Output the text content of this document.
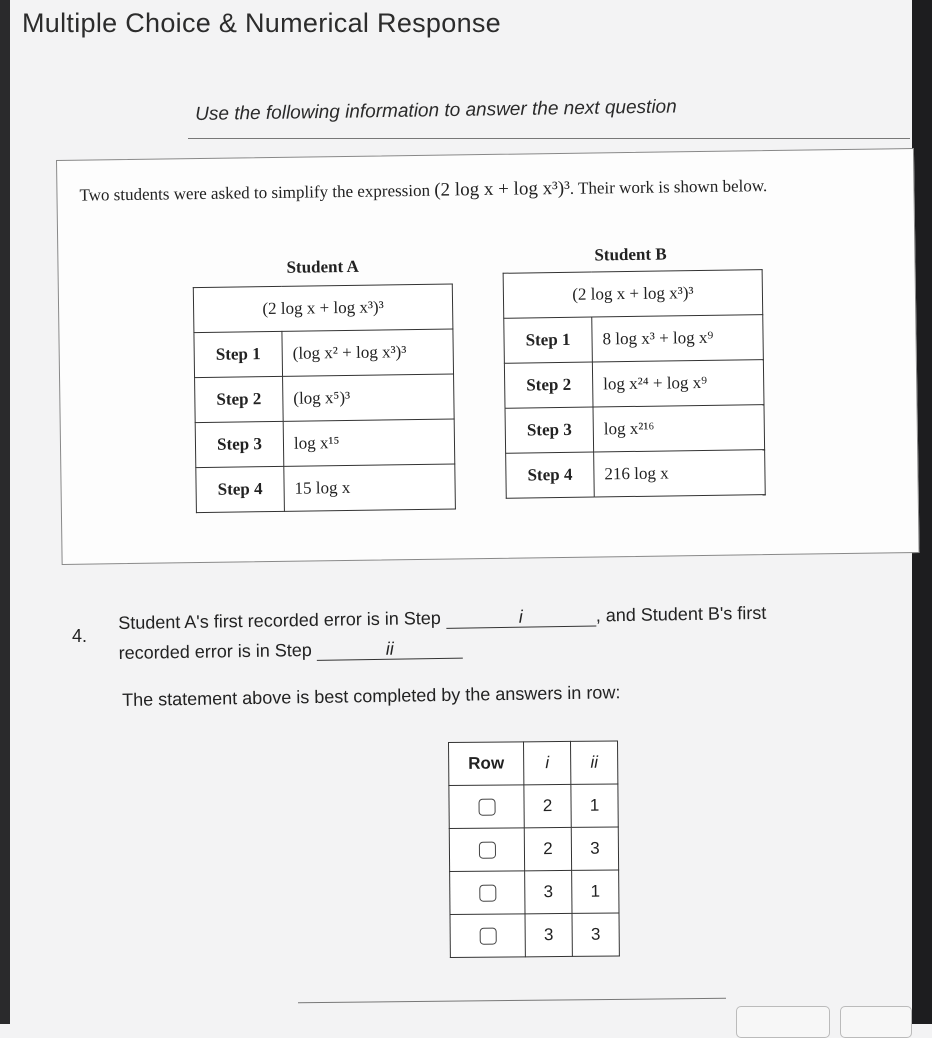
Multiple Choice & Numerical Response
Use the following information to answer the next question
Two students were asked to simplify the expression (2 log x + log x³)³. Their work is shown below.
Student A
Student B
(2 log x + log x³)³	
Step 1	(log x² + log x³)³
Step 2	(log x⁵)³
Step 3	log x¹⁵
Step 4	15 log x
(2 log x + log x³)³	
Step 1	8 log x³ + log x⁹
Step 2	log x²⁴ + log x⁹
Step 3	log x²¹⁶
Step 4	216 log x
4.
Student A's first recorded error is in Step	i	, and Student B's first
recorded error is in Step	ii
The statement above is best completed by the answers in row:
Row	i	ii
	2	1
	2	3
	3	1
	3	3
